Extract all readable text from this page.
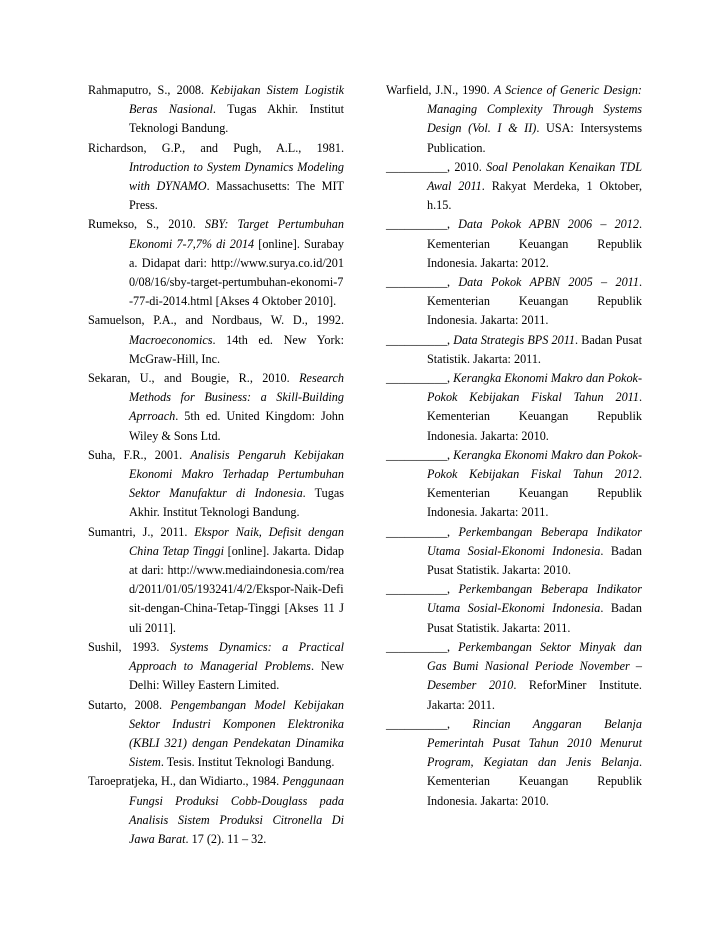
Rahmaputro, S., 2008. Kebijakan Sistem Logistik Beras Nasional. Tugas Akhir. Institut Teknologi Bandung.

Richardson, G.P., and Pugh, A.L., 1981. Introduction to System Dynamics Modeling with DYNAMO. Massachusetts: The MIT Press.

Rumekso, S., 2010. SBY: Target Pertumbuhan Ekonomi 7-7,7% di 2014 [online]. Surabaya. Didapat dari: http://www.surya.co.id/2010/08/16/sby-target-pertumbuhan-ekonomi-7-77-di-2014.html [Akses 4 Oktober 2010].

Samuelson, P.A., and Nordbaus, W. D., 1992. Macroeconomics. 14th ed. New York: McGraw-Hill, Inc.

Sekaran, U., and Bougie, R., 2010. Research Methods for Business: a Skill-Building Aprroach. 5th ed. United Kingdom: John Wiley & Sons Ltd.

Suha, F.R., 2001. Analisis Pengaruh Kebijakan Ekonomi Makro Terhadap Pertumbuhan Sektor Manufaktur di Indonesia. Tugas Akhir. Institut Teknologi Bandung.

Sumantri, J., 2011. Ekspor Naik, Defisit dengan China Tetap Tinggi [online]. Jakarta. Didapat dari: http://www.mediaindonesia.com/read/2011/01/05/193241/4/2/Ekspor-Naik-Defisit-dengan-China-Tetap-Tinggi [Akses 11 Juli 2011].

Sushil, 1993. Systems Dynamics: a Practical Approach to Managerial Problems. New Delhi: Willey Eastern Limited.

Sutarto, 2008. Pengembangan Model Kebijakan Sektor Industri Komponen Elektronika (KBLI 321) dengan Pendekatan Dinamika Sistem. Tesis. Institut Teknologi Bandung.

Taroepratjeka, H., dan Widiarto., 1984. Penggunaan Fungsi Produksi Cobb-Douglass pada Analisis Sistem Produksi Citronella Di Jawa Barat. 17 (2). 11 – 32.

Warfield, J.N., 1990. A Science of Generic Design: Managing Complexity Through Systems Design (Vol. I & II). USA: Intersystems Publication.

__________, 2010. Soal Penolakan Kenaikan TDL Awal 2011. Rakyat Merdeka, 1 Oktober, h.15.

__________, Data Pokok APBN 2006 – 2012. Kementerian Keuangan Republik Indonesia. Jakarta: 2012.

__________, Data Pokok APBN 2005 – 2011. Kementerian Keuangan Republik Indonesia. Jakarta: 2011.

__________, Data Strategis BPS 2011. Badan Pusat Statistik. Jakarta: 2011.

__________, Kerangka Ekonomi Makro dan Pokok-Pokok Kebijakan Fiskal Tahun 2011. Kementerian Keuangan Republik Indonesia. Jakarta: 2010.

__________, Kerangka Ekonomi Makro dan Pokok-Pokok Kebijakan Fiskal Tahun 2012. Kementerian Keuangan Republik Indonesia. Jakarta: 2011.

__________, Perkembangan Beberapa Indikator Utama Sosial-Ekonomi Indonesia. Badan Pusat Statistik. Jakarta: 2010.

__________, Perkembangan Beberapa Indikator Utama Sosial-Ekonomi Indonesia. Badan Pusat Statistik. Jakarta: 2011.

__________, Perkembangan Sektor Minyak dan Gas Bumi Nasional Periode November – Desember 2010. ReforMiner Institute. Jakarta: 2011.

__________, Rincian Anggaran Belanja Pemerintah Pusat Tahun 2010 Menurut Program, Kegiatan dan Jenis Belanja. Kementerian Keuangan Republik Indonesia. Jakarta: 2010.
